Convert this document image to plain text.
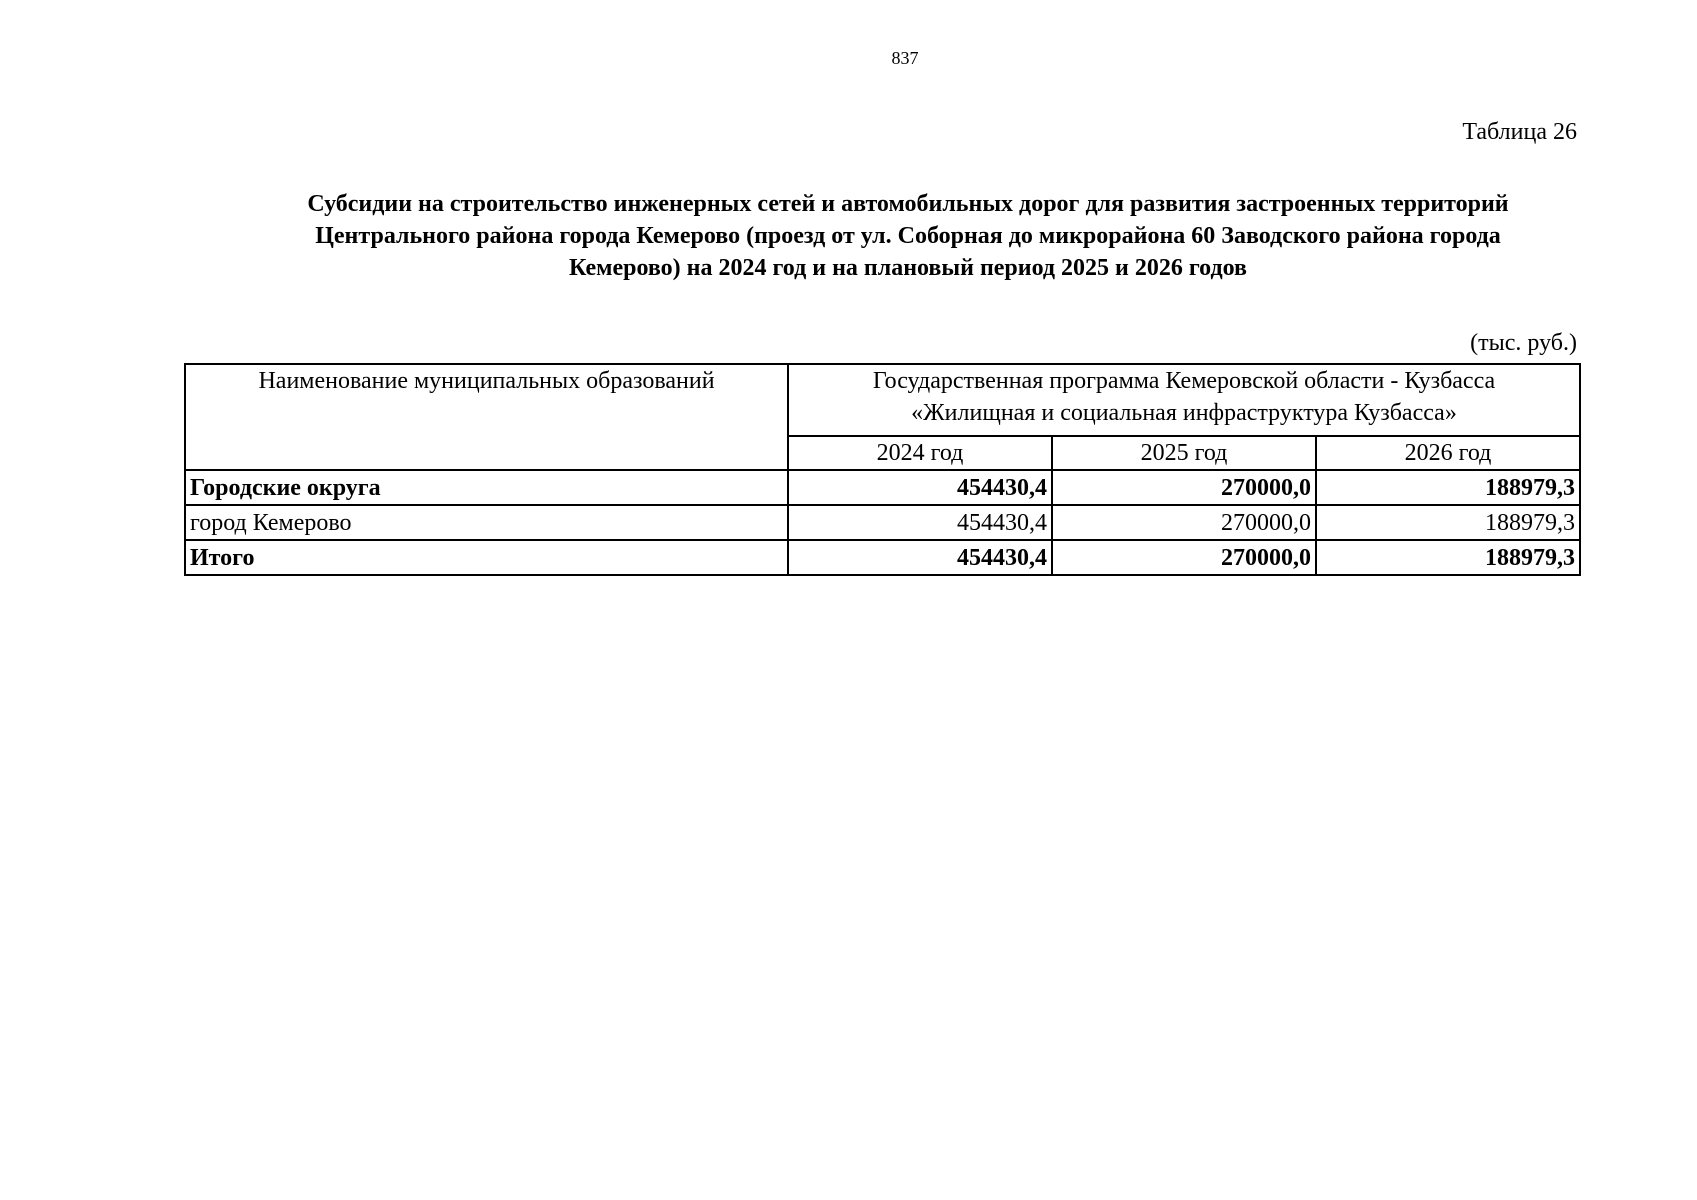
837
Таблица 26
Субсидии на строительство инженерных сетей и автомобильных дорог для развития застроенных территорий
Центрального района города Кемерово (проезд от ул. Соборная до микрорайона 60 Заводского района города
Кемерово) на 2024 год и на плановый период 2025 и 2026 годов
(тыс. руб.)
Наименование муниципальных образований	Государственная программа Кемеровской области - Кузбасса
«Жилищная и социальная инфраструктура Кузбасса»		

	2024 год	2025 год	2026 год
Городские округа	454430,4	270000,0	188979,3
город Кемерово	454430,4	270000,0	188979,3
Итого	454430,4	270000,0	188979,3
